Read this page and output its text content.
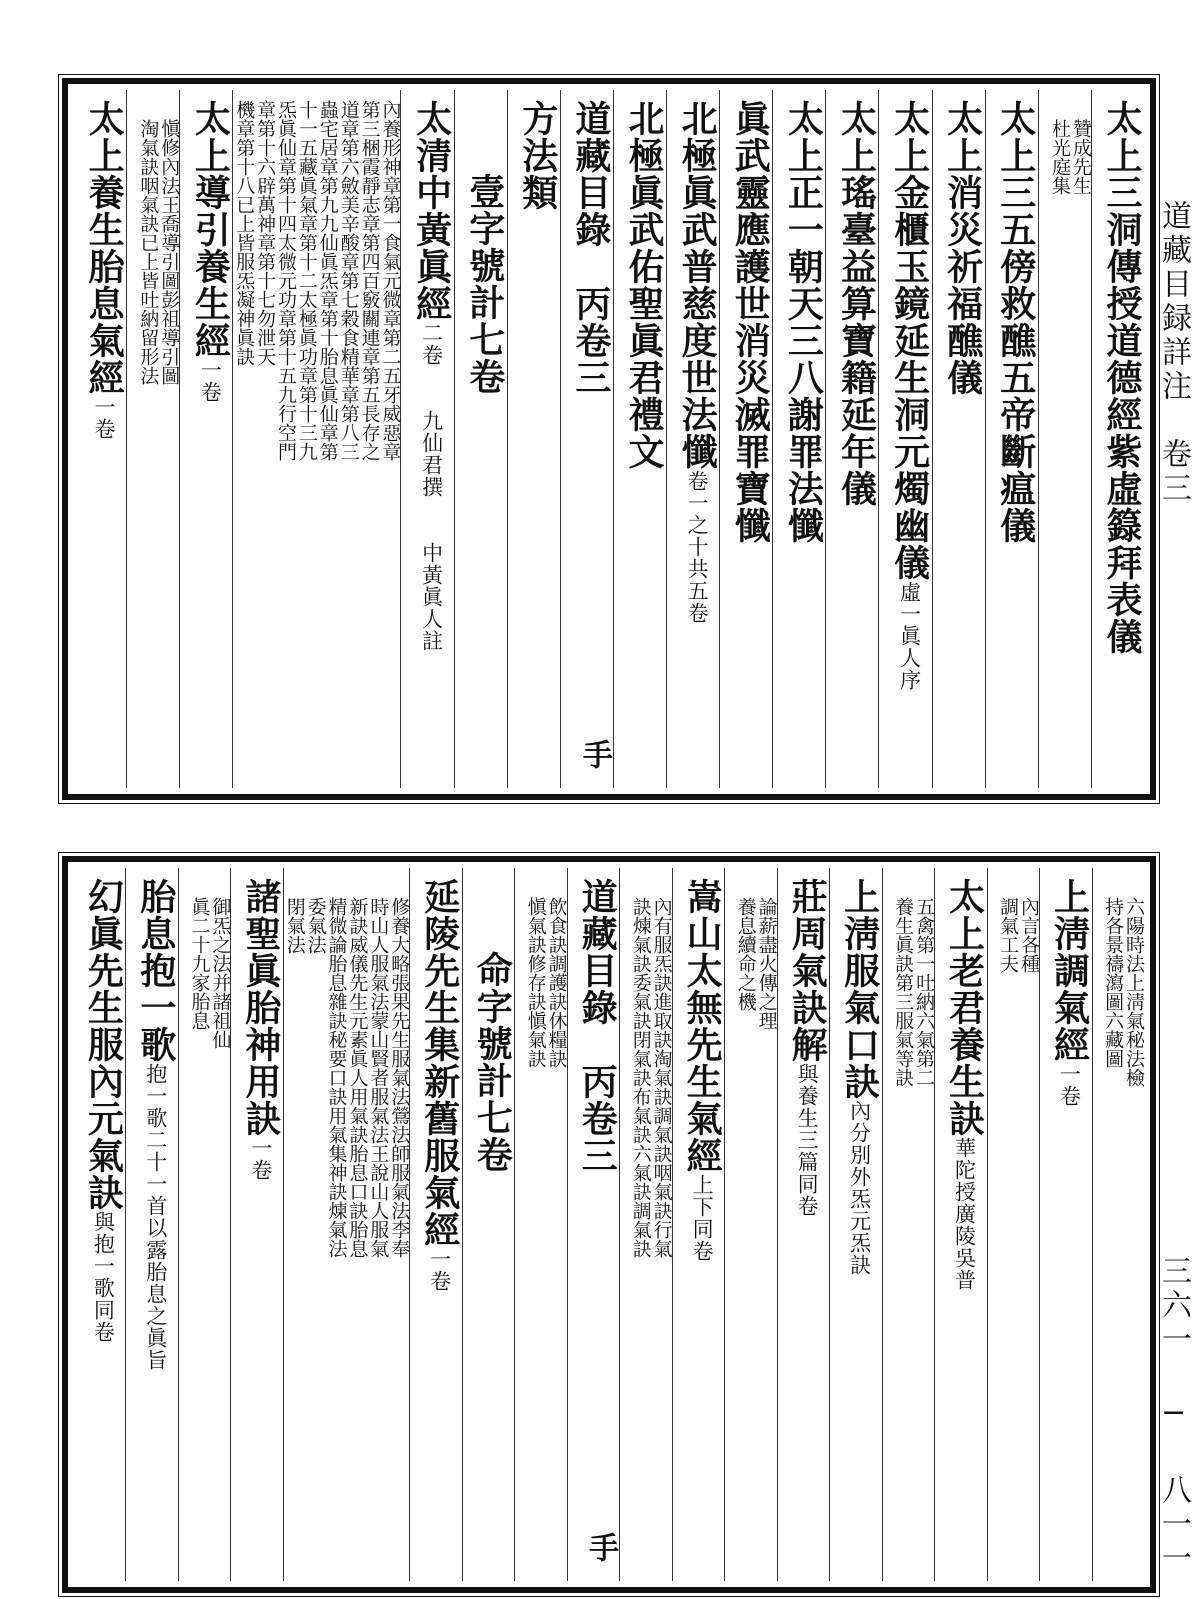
道藏目録詳注　卷三
三六一 ─ 八一一
太上三洞傳授道德經紫虛籙拜表儀
　贊成先生
　杜光庭集
太上三五傍救醮五帝斷瘟儀
太上消災祈福醮儀
太上金櫃玉鏡延生洞元燭幽儀虛一眞人序
太上瑤臺益算寶籍延年儀
太上正一朝天三八謝罪法懺
眞武靈應護世消災滅罪寶懺
北極眞武普慈度世法懺卷一之十共五卷
北極眞武佑聖眞君禮文
道藏目錄　丙卷三
手
方法類
　壹字號計七卷
太清中黃眞經二卷　　九仙君撰　　中黃眞人註
內養形神章第一食氣元微章第二五牙威惡章
第三梱霞靜志章第四百竅關連章第五長存之
道章第六斂美辛酸章第七穀食精華章第八三
蟲宅居章第九九仙眞炁章第十胎息眞仙章第
十一五藏眞氣章第十二太極眞功章第十三九
炁眞仙章第十四太微元功章第十五九行空門
章第十六辟萬神章第十七勿泄天
機章第十八已上皆服炁凝神眞訣
太上導引養生經一卷
　愼修內法王喬導引圖彭祖導引圖
　淘氣訣咽氣訣已上皆吐納留形法
太上養生胎息氣經一卷
　六陽時法上淸氣秘法檢
　持各景禱瀉圖六藏圖
上淸調氣經一卷
　內言各種
　調氣工夫
太上老君養生訣華陀授廣陵吳普
　五禽第一吐納六氣第二
　養生眞訣第三服氣等訣
上淸服氣口訣內分別外炁元炁訣
莊周氣訣解與養生三篇同卷
　論薪盡火傳之理
　養息續命之機
嵩山太無先生氣經上下同卷
　內有服炁訣進取訣淘氣訣調氣訣咽氣訣行氣
　訣煉氣訣委氣訣閉氣訣布氣訣六氣訣調氣訣
道藏目錄　丙卷三
手
　飲食訣調護訣休糧訣
　愼氣訣修存訣愼氣訣
　命字號計七卷
延陵先生集新舊服氣經一卷
　修養大略張果先生服氣法鶯法師服氣法李奉
　時山人服氣法蒙山賢者服氣法王說山人服氣
　新訣威儀先生元素眞人用氣訣胎息口訣胎息
　精微論胎息雜訣秘要口訣用氣集神訣煉氣法
　委氣法
　閉氣法
諸聖眞胎神用訣一卷
　御炁之法并諸祖仙
　眞二十九家胎息
胎息抱一歌抱一歌二十一首以露胎息之眞旨
幻眞先生服內元氣訣與抱一歌同卷
